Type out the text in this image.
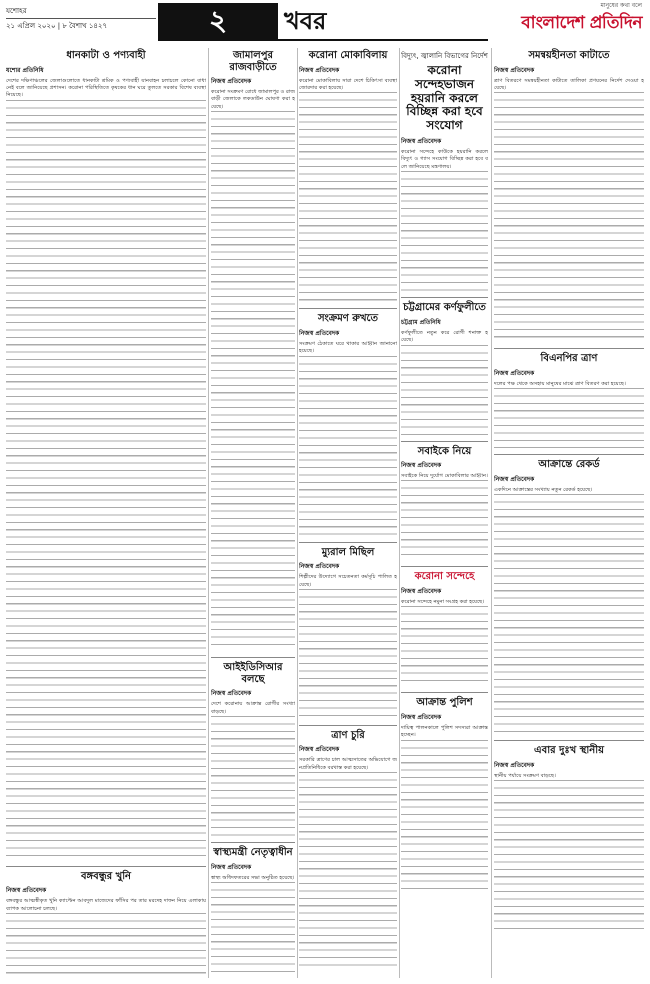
যশোহর
২১ এপ্রিল ২০২০ | ৮ বৈশাখ ১৪২৭	২	খবর
মানুষের কথা বলে
বাংলাদেশ প্রতিদিন
ধানকাটা ও পণ্যবাহী
যশোর প্রতিনিধি
দেশের দক্ষিণাঞ্চলের জেলাগুলোতে ধানকাটা শ্রমিক ও পণ্যবাহী যানবাহন চলাচলে কোনো বাধা নেই বলে জানিয়েছে প্রশাসন। করোনা পরিস্থিতিতে কৃষকের ধান ঘরে তুলতে সরকার বিশেষ ব্যবস্থা নিয়েছে।
বঙ্গবন্ধুর খুনি
নিজস্ব প্রতিবেদক
বঙ্গবন্ধুর আত্মস্বীকৃত খুনি ক্যাপ্টেন আবদুল মাজেদের ফাঁসির পর তার মরদেহ দাফন নিয়ে এলাকায় ব্যাপক আলোচনা চলছে।
জামালপুর রাজবাড়ীতে
নিজস্ব প্রতিবেদক
করোনা সংক্রমণ রোধে জামালপুর ও রাজবাড়ী জেলাকে লকডাউন ঘোষণা করা হয়েছে।
আইইডিসিআর বলছে
নিজস্ব প্রতিবেদক
দেশে করোনায় আক্রান্ত রোগীর সংখ্যা বাড়ছে।
স্বাস্থ্যমন্ত্রী নেতৃত্বাধীন
নিজস্ব প্রতিবেদক
স্বাস্থ্য অধিদফতরের সভা অনুষ্ঠিত হয়েছে।
করোনা মোকাবিলায়
নিজস্ব প্রতিবেদক
করোনা মোকাবিলায় সারা দেশে চিকিৎসা ব্যবস্থা জোরদার করা হয়েছে।
সংক্রমণ রুখতে
নিজস্ব প্রতিবেদক
সংক্রমণ ঠেকাতে ঘরে থাকার আহ্বান জানানো হয়েছে।
ম্যুরাল মিছিল
নিজস্ব প্রতিবেদক
শিল্পীদের উদ্যোগে সচেতনতা কর্মসূচি পালিত হয়েছে।
ত্রাণ চুরি
নিজস্ব প্রতিবেদক
সরকারি ত্রাণের চাল আত্মসাতের অভিযোগে জনপ্রতিনিধিকে বরখাস্ত করা হয়েছে।
বিদ্যুৎ, জ্বালানি বিভাগের নির্দেশ
করোনা সন্দেহভাজন হয়রানি করলে বিচ্ছিন্ন করা হবে সংযোগ
নিজস্ব প্রতিবেদক
করোনা সন্দেহে কাউকে হয়রানি করলে বিদ্যুৎ ও গ্যাস সংযোগ বিচ্ছিন্ন করা হবে বলে জানিয়েছে মন্ত্রণালয়।
চট্টগ্রামের কর্ণফুলীতে
চট্টগ্রাম প্রতিনিধি
কর্ণফুলীতে নতুন করে রোগী শনাক্ত হয়েছে।
সবাইকে নিয়ে
নিজস্ব প্রতিবেদক
সবাইকে নিয়ে দুর্যোগ মোকাবিলার আহ্বান।
করোনা সন্দেহে
নিজস্ব প্রতিবেদক
করোনা সন্দেহে নমুনা সংগ্রহ করা হয়েছে।
আক্রান্ত পুলিশ
নিজস্ব প্রতিবেদক
দায়িত্ব পালনকালে পুলিশ সদস্যরা আক্রান্ত হচ্ছেন।
সমন্বয়হীনতা কাটাতে
নিজস্ব প্রতিবেদক
ত্রাণ বিতরণে সমন্বয়হীনতা কাটাতে তালিকা প্রণয়নের নির্দেশ দেওয়া হয়েছে।
বিএনপির ত্রাণ
নিজস্ব প্রতিবেদক
দলের পক্ষ থেকে অসহায় মানুষের মাঝে ত্রাণ বিতরণ করা হয়েছে।
আক্রান্তে রেকর্ড
নিজস্ব প্রতিবেদক
একদিনে আক্রান্তের সংখ্যায় নতুন রেকর্ড হয়েছে।
এবার দুঃখ স্থানীয়
নিজস্ব প্রতিবেদক
স্থানীয় পর্যায়ে সংক্রমণ বাড়ছে।
